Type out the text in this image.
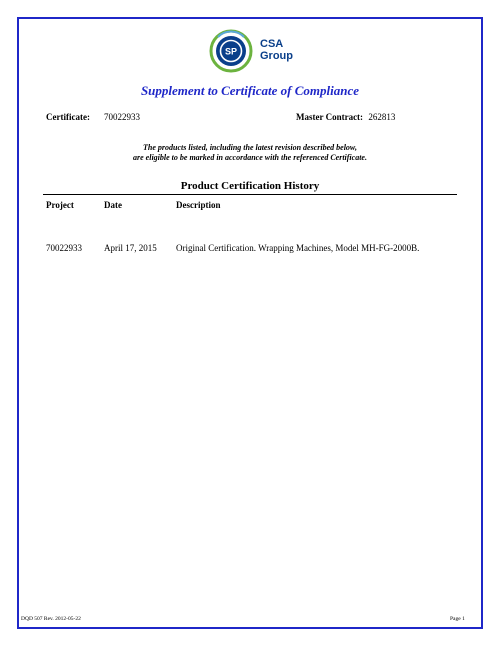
SP
CSA
Group
Supplement to Certificate of Compliance
Certificate: 70022933	Master Contract: 262813
The products listed, including the latest revision described below,
are eligible to be marked in accordance with the referenced Certificate.
Product Certification History
Project	Date	Description
70022933 April 17, 2015 Original Certification. Wrapping Machines, Model MH-FG-2000B.
DQD 507 Rev. 2012-05-22	Page 1
